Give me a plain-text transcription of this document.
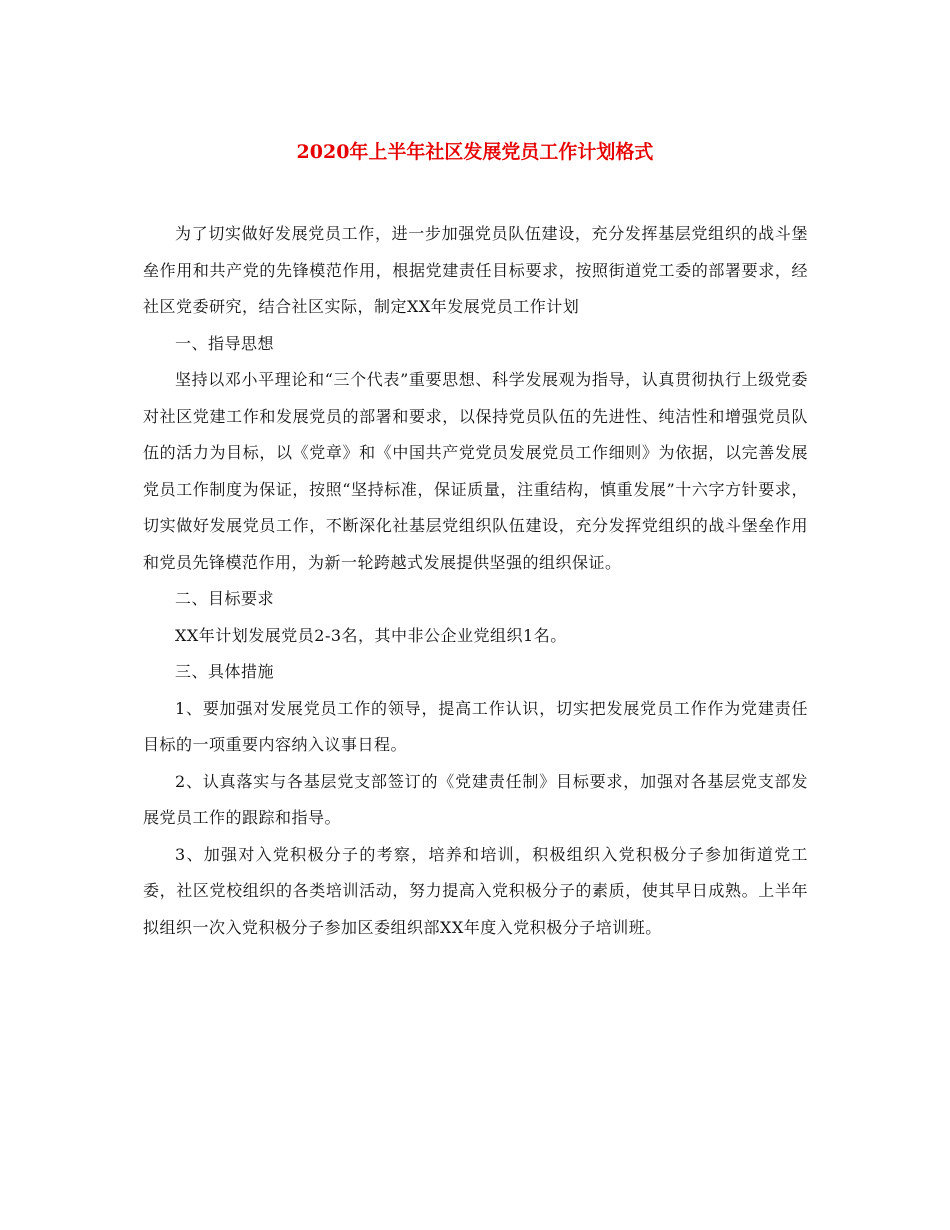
2020年上半年社区发展党员工作计划格式

为了切实做好发展党员工作，进一步加强党员队伍建设，充分发挥基层党组织的战斗堡垒作用和共产党的先锋模范作用，根据党建责任目标要求，按照街道党工委的部署要求，经社区党委研究，结合社区实际，制定XX年发展党员工作计划

一、指导思想

坚持以邓小平理论和“三个代表”重要思想、科学发展观为指导，认真贯彻执行上级党委对社区党建工作和发展党员的部署和要求，以保持党员队伍的先进性、纯洁性和增强党员队伍的活力为目标，以《党章》和《中国共产党党员发展党员工作细则》为依据，以完善发展党员工作制度为保证，按照“坚持标准，保证质量，注重结构，慎重发展”十六字方针要求，切实做好发展党员工作，不断深化社基层党组织队伍建设，充分发挥党组织的战斗堡垒作用和党员先锋模范作用，为新一轮跨越式发展提供坚强的组织保证。

二、目标要求

XX年计划发展党员2-3名，其中非公企业党组织1名。

三、具体措施

1、要加强对发展党员工作的领导，提高工作认识，切实把发展党员工作作为党建责任目标的一项重要内容纳入议事日程。

2、认真落实与各基层党支部签订的《党建责任制》目标要求，加强对各基层党支部发展党员工作的跟踪和指导。

3、加强对入党积极分子的考察，培养和培训，积极组织入党积极分子参加街道党工委，社区党校组织的各类培训活动，努力提高入党积极分子的素质，使其早日成熟。上半年拟组织一次入党积极分子参加区委组织部XX年度入党积极分子培训班。
